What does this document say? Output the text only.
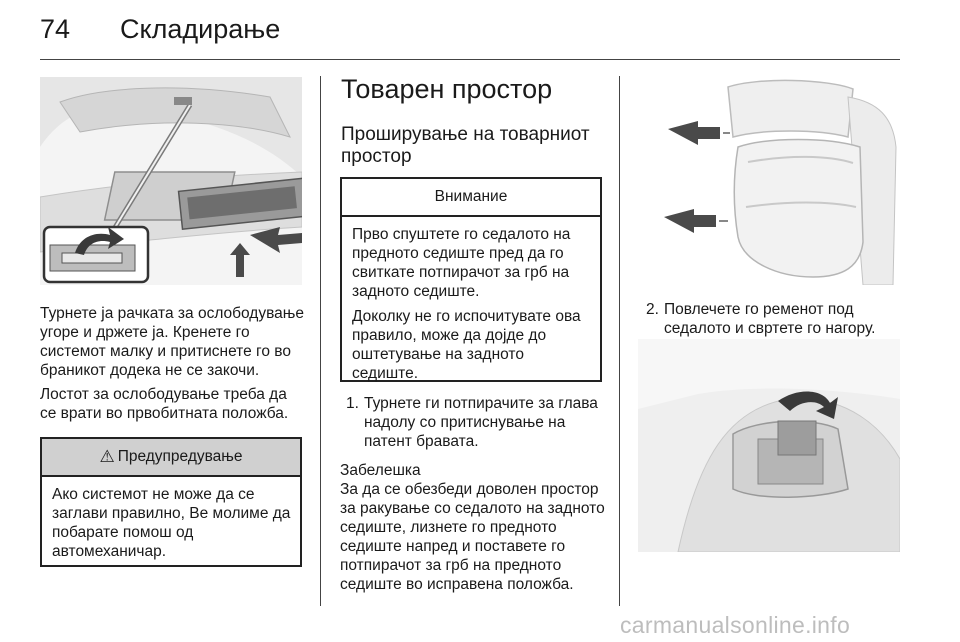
74 Складирање

Турнете ја рачката за ослободување угоре и држете ја. Кренете го системот малку и притиснете го во браникот додека не се закочи.

Лостот за ослободување треба да се врати во првобитната положба.

⚠ Предупредување

Ако системот не може да се заглави правилно, Ве молиме да побарате помош од автомеханичар.

Товарен простор
Проширување на товарниот простор
Внимание

Прво спуштете го седалото на предното седиште пред да го свиткате потпирачот за грб на задното седиште.

Доколку не го испочитувате ова правило, може да дојде до оштетување на задното седиште.

1. Турнете ги потпирачите за глава надолу со притиснување на патент бравата.
Забелешка

За да се обезбеди доволен простор за ракување со седалото на задното седиште, лизнете го предното седиште напред и поставете го потпирачот за грб на предното седиште во исправена положба.

2. Повлечете го ременот под седалото и свртете го нагору.
carmanualsonline.info
